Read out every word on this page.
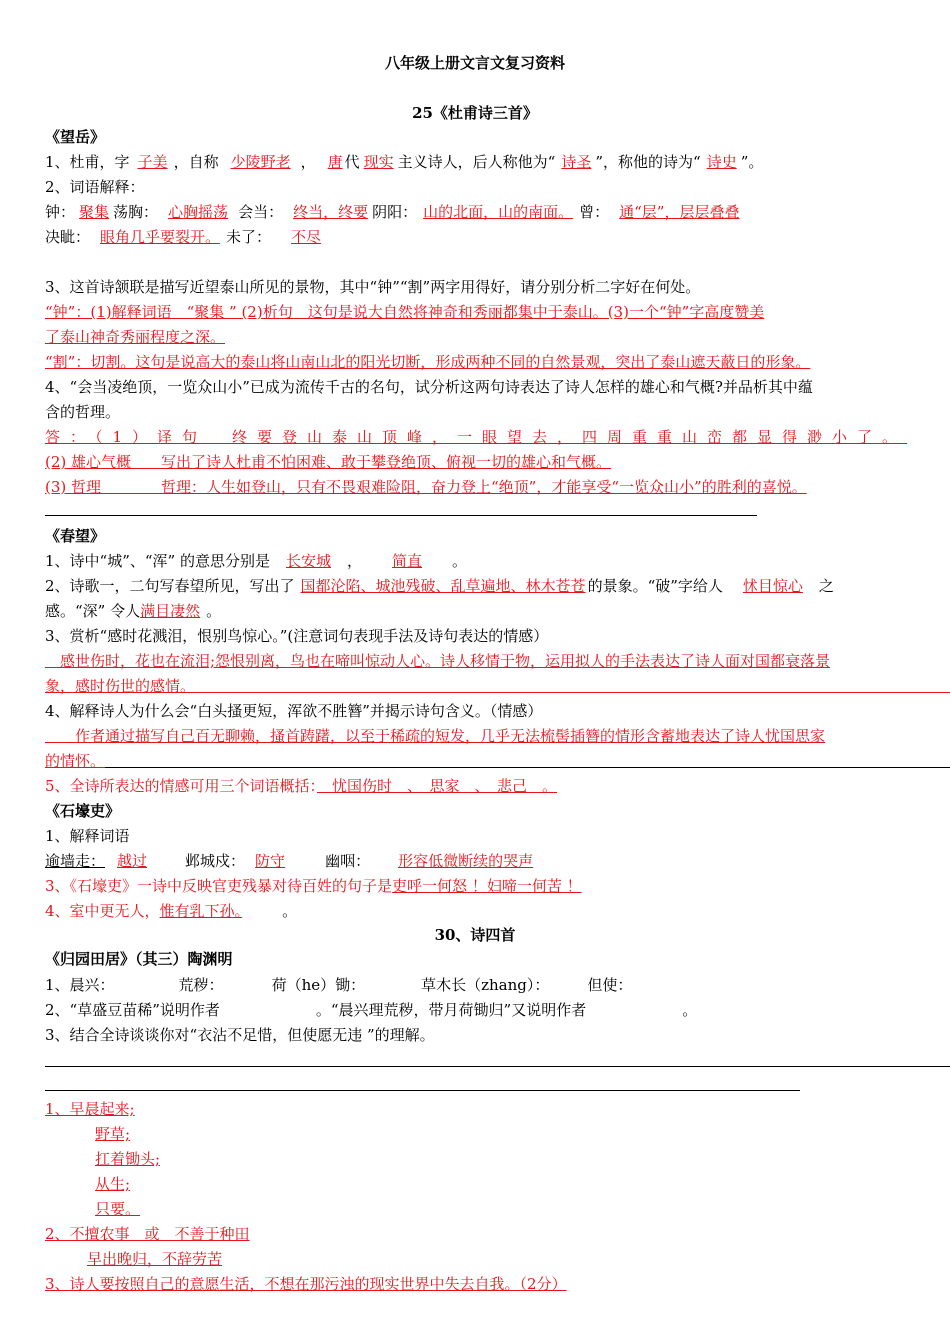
八年级上册文言文复习资料
25《杜甫诗三首》
《望岳》
1、杜甫，字 子美 ，自称 少陵野老 ， 唐 代 现实 主义诗人，后人称他为“ 诗圣 ”，称他的诗为“ 诗史 ”。
2、词语解释：
钟： 聚集 荡胸： 心胸摇荡 会当： 终当，终要 阴阳： 山的北面，山的南面。 曾： 通“层”，层层叠叠
决眦： 眼角几乎要裂开。 未了： 不尽
3、这首诗颔联是描写近望泰山所见的景物，其中“钟”“割”两字用得好，请分别分析二字好在何处。
“钟”：(1)解释词语　“聚集 ” (2)析句　这句是说大自然将神奇和秀丽都集中于泰山。(3)一个“钟”字高度赞美
了泰山神奇秀丽程度之深。
“割”：切割。这句是说高大的泰山将山南山北的阳光切断，形成两种不同的自然景观，突出了泰山遮天蔽日的形象。
4、“会当凌绝顶，一览众山小”已成为流传千古的名句，试分析这两句诗表达了诗人怎样的雄心和气概?并品析其中蕴
含的哲理。
答：（1）译句　终要登山泰山顶峰，一眼望去，四周重重山峦都显得渺小了。
(2) 雄心气概　　写出了诗人杜甫不怕困难、敢于攀登绝顶、俯视一切的雄心和气概。
(3) 哲理　　　　哲理：人生如登山，只有不畏艰难险阻，奋力登上“绝顶”，才能享受“一览众山小”的胜利的喜悦。
《春望》
1、诗中“城”、“浑” 的意思分别是 长安城 ， 简直 。
2、诗歌一，二句写春望所见，写出了 国都沦陷、城池残破、乱草遍地、林木苍苍 的景象。“破”字给人 怵目惊心 之
感。“深” 令人满目凄然 。
3、赏析“感时花溅泪，恨别鸟惊心。”(注意词句表现手法及诗句表达的情感）
　感世伤时，花也在流泪;怨恨别离，鸟也在啼叫惊动人心。诗人移情于物，运用拟人的手法表达了诗人面对国都衰落景
象，感时伤世的感情。
4、解释诗人为什么会“白头搔更短，浑欲不胜簪”并揭示诗句含义。（情感）
　　作者通过描写自己百无聊赖，搔首踌躇，以至于稀疏的短发，几乎无法梳髻插簪的情形含蓄地表达了诗人忧国思家
的情怀。
5、全诗所表达的情感可用三个词语概括：　忧国伤时　、　思家　、　悲己　。
《石壕吏》
1、解释词语
逾墙走： 越过	邺城戍： 防守	幽咽： 形容低微断续的哭声
3、《石壕吏》一诗中反映官吏残暴对待百姓的句子是吏呼一何怒 ！妇啼一何苦 ！
4、室中更无人，惟有乳下孙。	。
30、诗四首
《归园田居》（其三）陶渊明
1、晨兴：	荒秽：	荷（he）锄：	草木长（zhang）：	但使：
2、“草盛豆苗稀”说明作者	。“晨兴理荒秽，带月荷锄归”又说明作者	。
3、结合全诗谈谈你对“衣沾不足惜，但使愿无违 ”的理解。
1、早晨起来;
野草;
扛着锄头;
从生;
只要。
2、不擅农事　或　不善于种田
早出晚归，不辞劳苦
3、诗人要按照自己的意愿生活，不想在那污浊的现实世界中失去自我。（2分）
